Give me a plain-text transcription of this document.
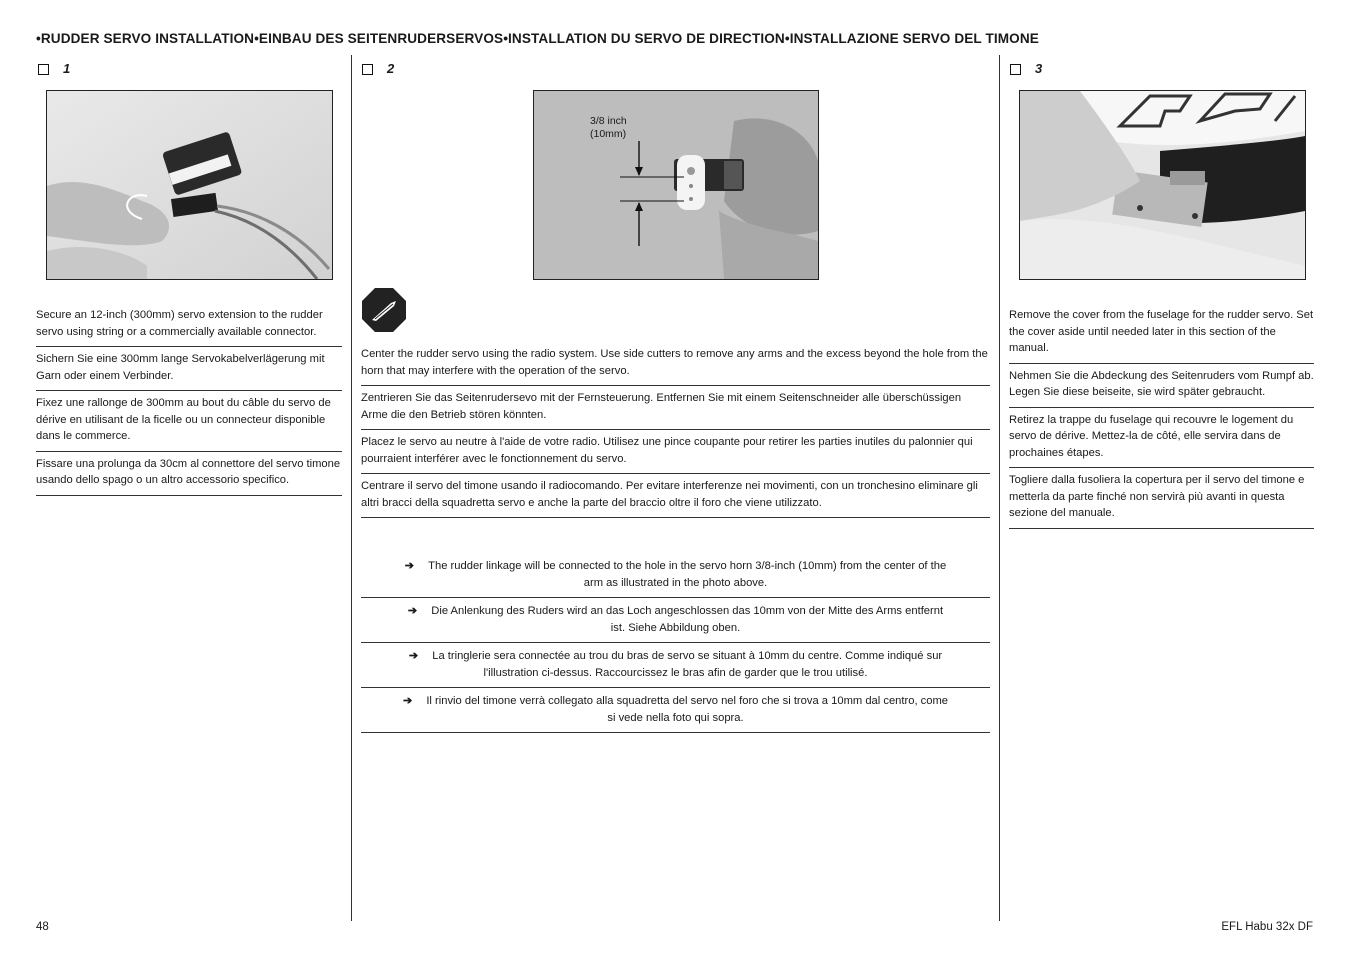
•RUDDER SERVO INSTALLATION•EINBAU DES SEITENRUDERSERVOS•INSTALLATION DU SERVO DE DIRECTION•INSTALLAZIONE SERVO DEL TIMONE
1	2	3
3/8 inch
(10mm)

Secure an 12-inch (300mm) servo extension to the rudder servo using string or a commercially available connector.

Sichern Sie eine 300mm lange Servokabelverlägerung mit Garn oder einem Verbinder.

Fixez une rallonge de 300mm au bout du câble du servo de dérive en utilisant de la ficelle ou un connecteur disponible dans le commerce.

Fissare una prolunga da 30cm al connettore del servo timone usando dello spago o un altro accessorio specifico.

Center the rudder servo using the radio system. Use side cutters to remove any arms and the excess beyond the hole from the horn that may interfere with the operation of the servo.

Zentrieren Sie das Seitenrudersevo mit der Fernsteuerung. Entfernen Sie mit einem Seitenschneider alle überschüssigen Arme die den Betrieb stören könnten.

Placez le servo au neutre à l'aide de votre radio. Utilisez une pince coupante pour retirer les parties inutiles du palonnier qui pourraient interférer avec le fonctionnement du servo.

Centrare il servo del timone usando il radiocomando. Per evitare interferenze nei movimenti, con un tronchesino eliminare gli altri bracci della squadretta servo e anche la parte del braccio oltre il foro che viene utilizzato.

➔ The rudder linkage will be connected to the hole in the servo horn 3/8-inch (10mm) from the center of the arm as illustrated in the photo above.

➔ Die Anlenkung des Ruders wird an das Loch angeschlossen das 10mm von der Mitte des Arms entfernt ist. Siehe Abbildung oben.

➔ La tringlerie sera connectée au trou du bras de servo se situant à 10mm du centre. Comme indiqué sur l'illustration ci-dessus. Raccourcissez le bras afin de garder que le trou utilisé.

➔ Il rinvio del timone verrà collegato alla squadretta del servo nel foro che si trova a 10mm dal centro, come si vede nella foto qui sopra.

Remove the cover from the fuselage for the rudder servo. Set the cover aside until needed later in this section of the manual.

Nehmen Sie die Abdeckung des Seitenruders vom Rumpf ab. Legen Sie diese beiseite, sie wird später gebraucht.

Retirez la trappe du fuselage qui recouvre le logement du servo de dérive. Mettez-la de côté, elle servira dans de prochaines étapes.

Togliere dalla fusoliera la copertura per il servo del timone e metterla da parte finché non servirà più avanti in questa sezione del manuale.

48	EFL Habu 32x DF
